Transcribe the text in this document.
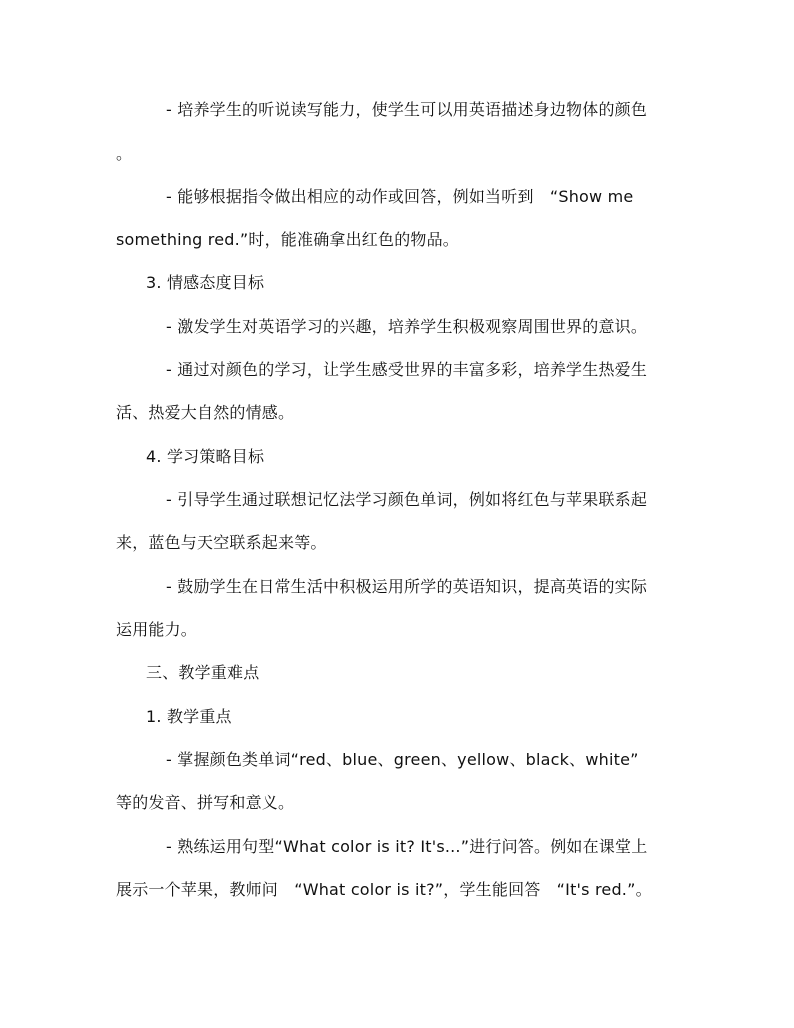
- 培养学生的听说读写能力，使学生可以用英语描述身边物体的颜色
。
- 能够根据指令做出相应的动作或回答，例如当听到　“Show me
something red.”时，能准确拿出红色的物品。
3. 情感态度目标
- 激发学生对英语学习的兴趣，培养学生积极观察周围世界的意识。
- 通过对颜色的学习，让学生感受世界的丰富多彩，培养学生热爱生
活、热爱大自然的情感。
4. 学习策略目标
- 引导学生通过联想记忆法学习颜色单词，例如将红色与苹果联系起
来，蓝色与天空联系起来等。
- 鼓励学生在日常生活中积极运用所学的英语知识，提高英语的实际
运用能力。
三、教学重难点
1. 教学重点
- 掌握颜色类单词“red、blue、green、yellow、black、white”
等的发音、拼写和意义。
- 熟练运用句型“What color is it? It's...”进行问答。例如在课堂上
展示一个苹果，教师问　“What color is it?”，学生能回答　“It's red.”。
